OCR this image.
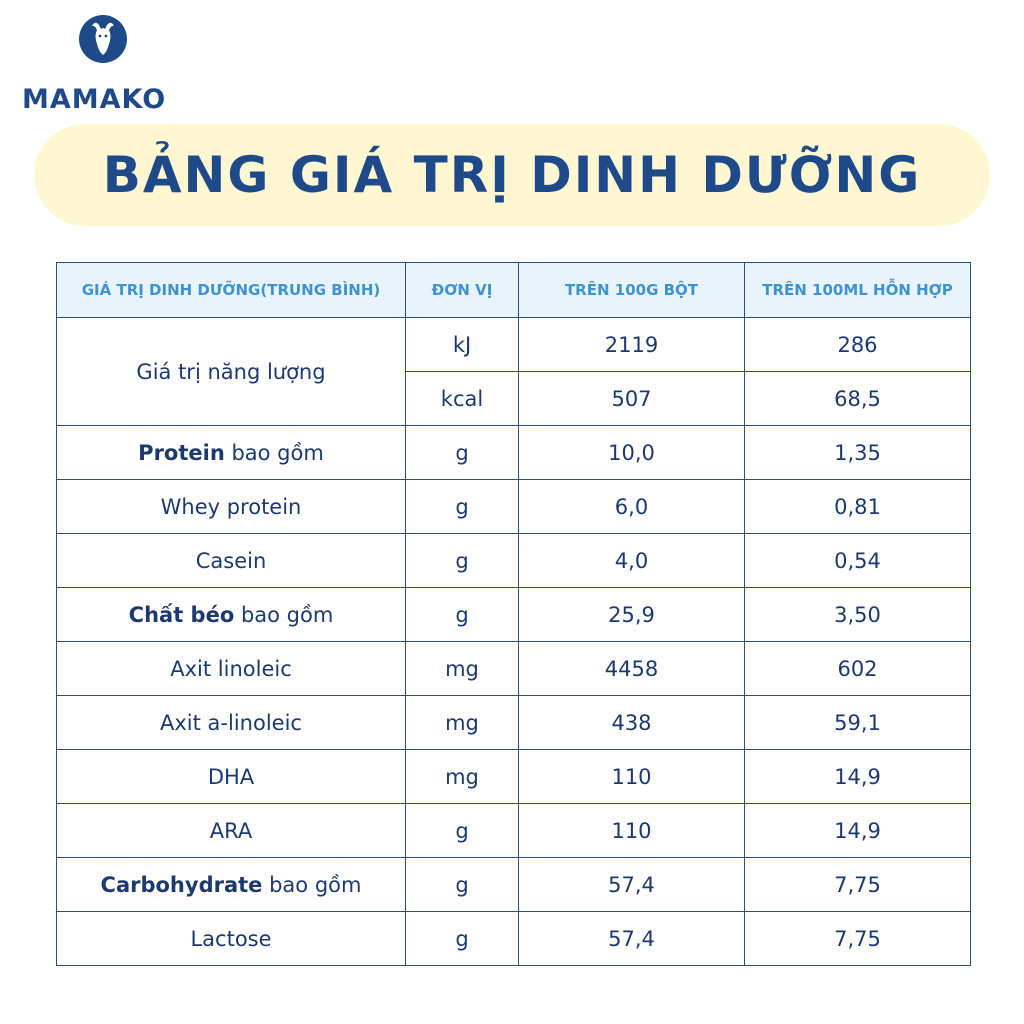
MAMAKO
BẢNG GIÁ TRỊ DINH DƯỠNG
GIÁ TRỊ DINH DƯỠNG(TRUNG BÌNH)	ĐƠN VỊ	TRÊN 100G BỘT	TRÊN 100ML HỖN HỢP
Giá trị năng lượng	kJ	2119	286
	kcal	507	68,5
Protein bao gồm	g	10,0	1,35
Whey protein	g	6,0	0,81
Casein	g	4,0	0,54
Chất béo bao gồm	g	25,9	3,50
Axit linoleic	mg	4458	602
Axit a-linoleic	mg	438	59,1
DHA	mg	110	14,9
ARA	g	110	14,9
Carbohydrate bao gồm	g	57,4	7,75
Lactose	g	57,4	7,75
